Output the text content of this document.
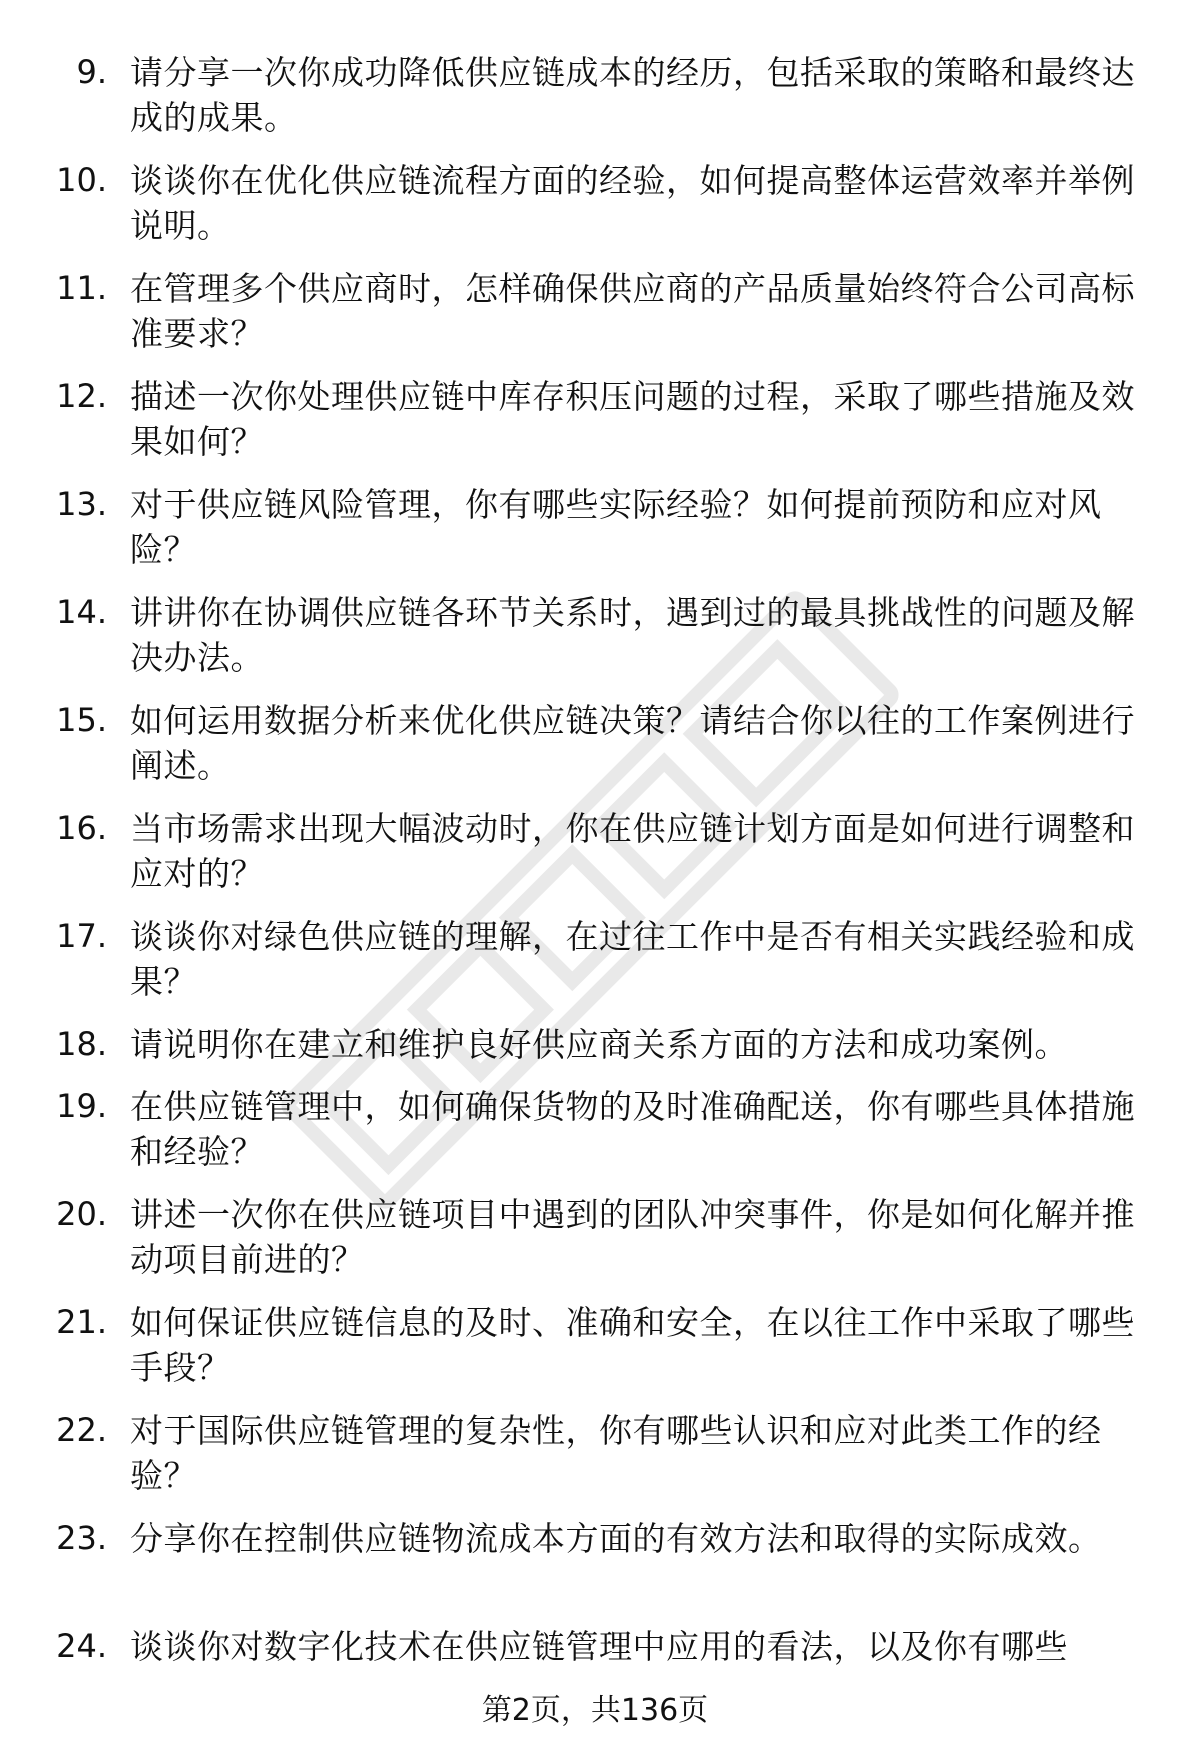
9. 请分享一次你成功降低供应链成本的经历，包括采取的策略和最终达成的成果。
10. 谈谈你在优化供应链流程方面的经验，如何提高整体运营效率并举例说明。
11. 在管理多个供应商时，怎样确保供应商的产品质量始终符合公司高标准要求？
12. 描述一次你处理供应链中库存积压问题的过程，采取了哪些措施及效果如何？
13. 对于供应链风险管理，你有哪些实际经验？如何提前预防和应对风险？
14. 讲讲你在协调供应链各环节关系时，遇到过的最具挑战性的问题及解决办法。
15. 如何运用数据分析来优化供应链决策？请结合你以往的工作案例进行阐述。
16. 当市场需求出现大幅波动时，你在供应链计划方面是如何进行调整和应对的？
17. 谈谈你对绿色供应链的理解，在过往工作中是否有相关实践经验和成果？
18. 请说明你在建立和维护良好供应商关系方面的方法和成功案例。
19. 在供应链管理中，如何确保货物的及时准确配送，你有哪些具体措施和经验？
20. 讲述一次你在供应链项目中遇到的团队冲突事件，你是如何化解并推动项目前进的？
21. 如何保证供应链信息的及时、准确和安全，在以往工作中采取了哪些手段？
22. 对于国际供应链管理的复杂性，你有哪些认识和应对此类工作的经验？
23. 分享你在控制供应链物流成本方面的有效方法和取得的实际成效。
24. 谈谈你对数字化技术在供应链管理中应用的看法，以及你有哪些
第2页，共136页
